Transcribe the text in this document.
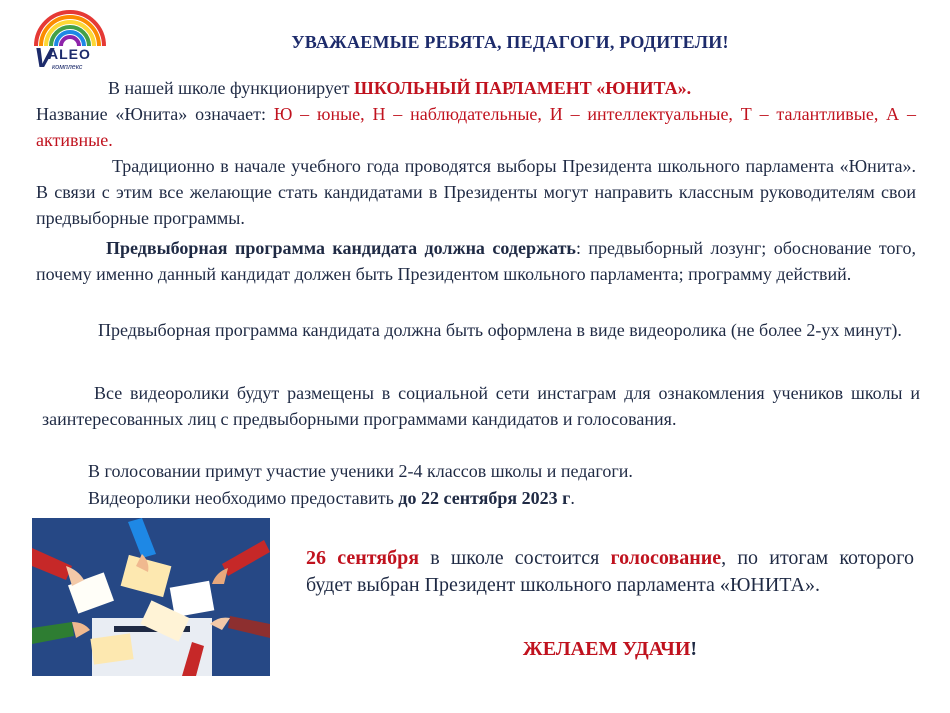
V
ALEO
комплекс
УВАЖАЕМЫЕ РЕБЯТА, ПЕДАГОГИ, РОДИТЕЛИ!
В нашей школе функционирует ШКОЛЬНЫЙ ПАРЛАМЕНТ «ЮНИТА».
Название «Юнита» означает: Ю – юные, Н – наблюдательные, И – интеллектуальные, Т – талантливые, А – активные.
Традиционно в начале учебного года проводятся выборы Президента школьного парламента «Юнита». В связи с этим все желающие стать кандидатами в Президенты могут направить классным руководителям свои предвыборные программы.
Предвыборная программа кандидата должна содержать: предвыборный лозунг; обоснование того, почему именно данный кандидат должен быть Президентом школьного парламента; программу действий.
Предвыборная программа кандидата должна быть оформлена в виде видеоролика (не более 2-ух минут).
Все видеоролики будут размещены в социальной сети инстаграм для ознакомления учеников школы и заинтересованных лиц с предвыборными программами кандидатов и голосования.
В голосовании примут участие ученики 2-4 классов школы и педагоги.
Видеоролики необходимо предоставить до 22 сентября 2023 г.
26 сентября в школе состоится голосование, по итогам которого будет выбран Президент школьного парламента «ЮНИТА».
ЖЕЛАЕМ УДАЧИ!
